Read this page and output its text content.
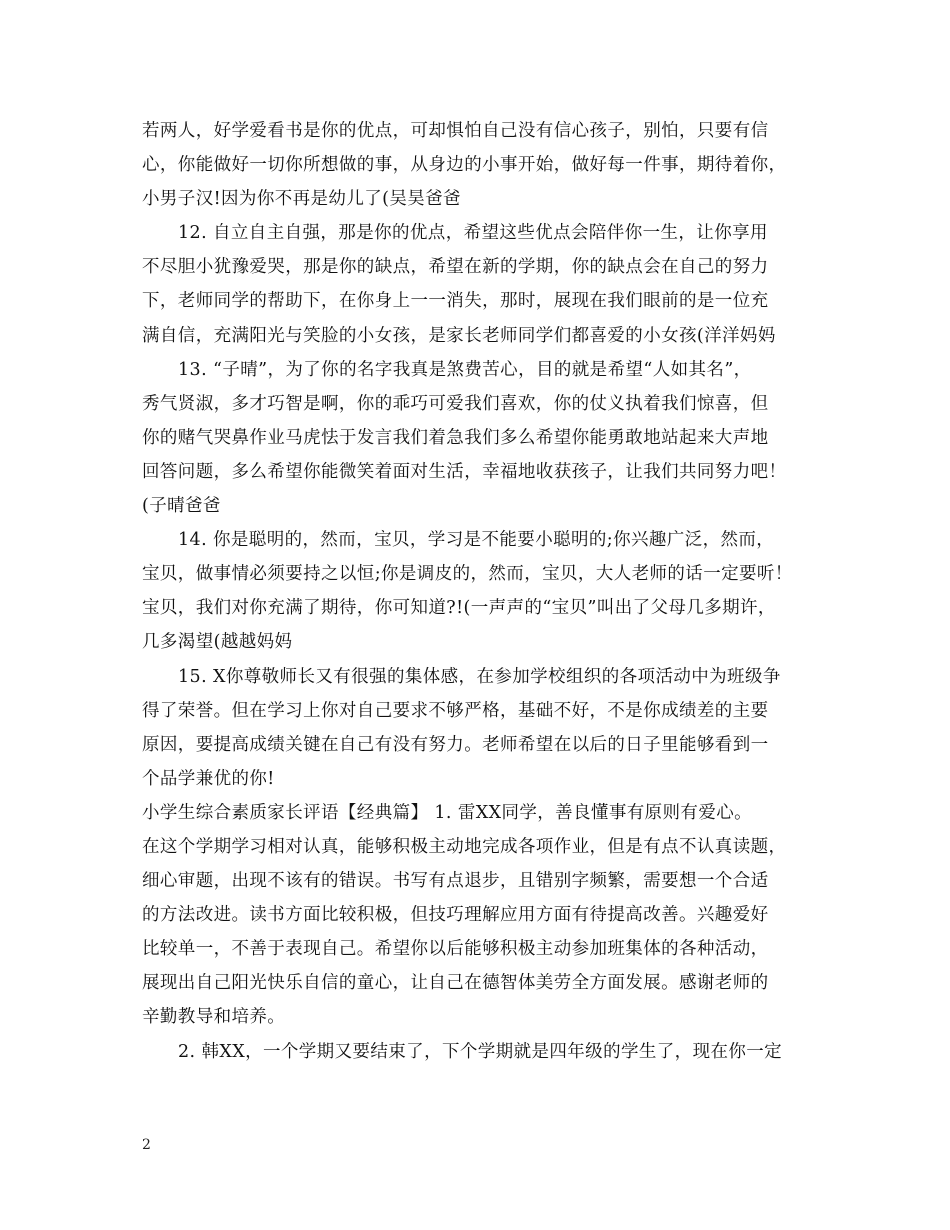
若两人，好学爱看书是你的优点，可却惧怕自己没有信心孩子，别怕，只要有信
心，你能做好一切你所想做的事，从身边的小事开始，做好每一件事，期待着你，
小男子汉!因为你不再是幼儿了(吴昊爸爸
12. 自立自主自强，那是你的优点，希望这些优点会陪伴你一生，让你享用
不尽胆小犹豫爱哭，那是你的缺点，希望在新的学期，你的缺点会在自己的努力
下，老师同学的帮助下，在你身上一一消失，那时，展现在我们眼前的是一位充
满自信，充满阳光与笑脸的小女孩，是家长老师同学们都喜爱的小女孩(洋洋妈妈
13. “子晴”，为了你的名字我真是煞费苦心，目的就是希望“人如其名”，
秀气贤淑，多才巧智是啊，你的乖巧可爱我们喜欢，你的仗义执着我们惊喜，但
你的赌气哭鼻作业马虎怯于发言我们着急我们多么希望你能勇敢地站起来大声地
回答问题，多么希望你能微笑着面对生活，幸福地收获孩子，让我们共同努力吧！
(子晴爸爸
14. 你是聪明的，然而，宝贝，学习是不能要小聪明的;你兴趣广泛，然而，
宝贝，做事情必须要持之以恒;你是调皮的，然而，宝贝，大人老师的话一定要听！
宝贝，我们对你充满了期待，你可知道?!(一声声的“宝贝”叫出了父母几多期许，
几多渴望(越越妈妈
15. X你尊敬师长又有很强的集体感，在参加学校组织的各项活动中为班级争
得了荣誉。但在学习上你对自己要求不够严格，基础不好，不是你成绩差的主要
原因，要提高成绩关键在自己有没有努力。老师希望在以后的日子里能够看到一
个品学兼优的你!
小学生综合素质家长评语【经典篇】 1. 雷XX同学，善良懂事有原则有爱心。
在这个学期学习相对认真，能够积极主动地完成各项作业，但是有点不认真读题，
细心审题，出现不该有的错误。书写有点退步，且错别字频繁，需要想一个合适
的方法改进。读书方面比较积极，但技巧理解应用方面有待提高改善。兴趣爱好
比较单一，不善于表现自己。希望你以后能够积极主动参加班集体的各种活动，
展现出自己阳光快乐自信的童心，让自己在德智体美劳全方面发展。感谢老师的
辛勤教导和培养。
2. 韩XX，一个学期又要结束了，下个学期就是四年级的学生了，现在你一定
2
